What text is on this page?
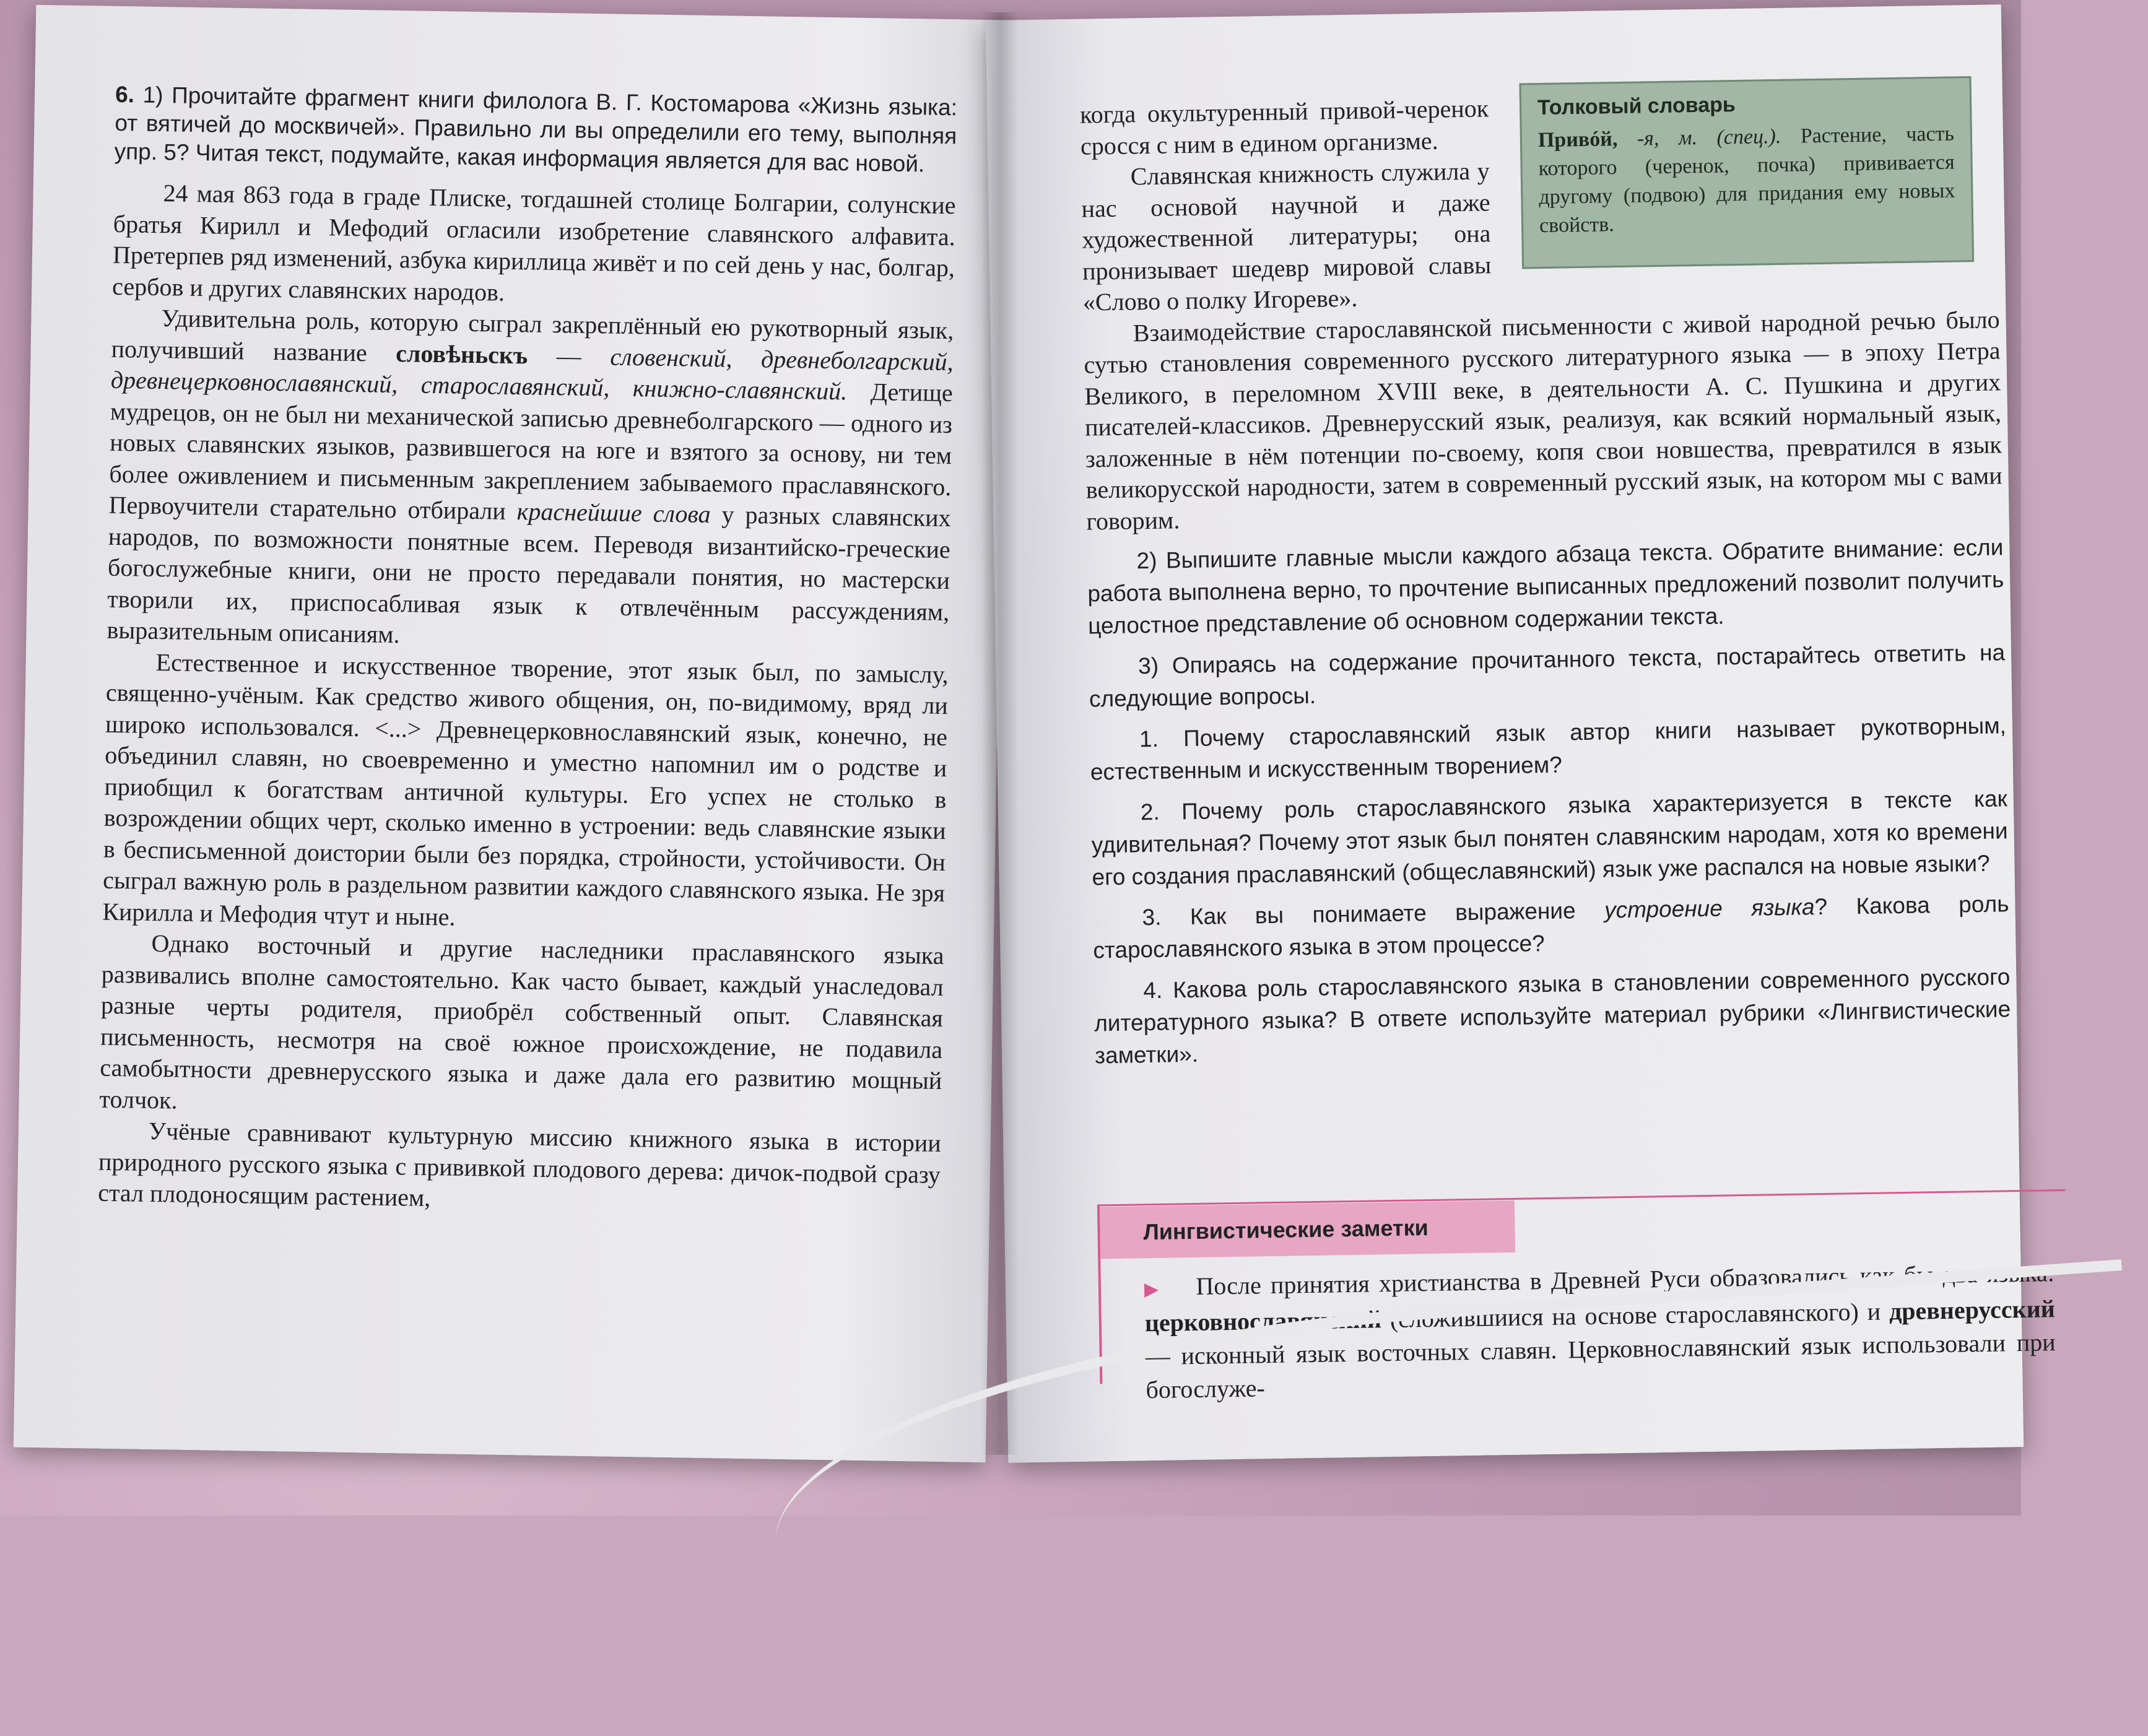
6. 1) Прочитайте фрагмент книги филолога В. Г. Костомарова «Жизнь языка: от вятичей до москвичей». Правильно ли вы определили его тему, выполняя упр. 5? Читая текст, подумайте, какая информация является для вас новой.

24 мая 863 года в граде Плиске, тогдашней столице Болгарии, солунские братья Кирилл и Мефодий огласили изобретение славянского алфавита. Претерпев ряд изменений, азбука кириллица живёт и по сей день у нас, болгар, сербов и других славянских народов.

Удивительна роль, которую сыграл закреплённый ею рукотворный язык, получивший название словѣньскъ — словенский, древнеболгарский, древнецерковнославянский, старославянский, книжно-славянский. Детище мудрецов, он не был ни механической записью древнеболгарского — одного из новых славянских языков, развившегося на юге и взятого за основу, ни тем более оживлением и письменным закреплением забываемого праславянского. Первоучители старательно отбирали краснейшие слова у разных славянских народов, по возможности понятные всем. Переводя византийско-греческие богослужебные книги, они не просто передавали понятия, но мастерски творили их, приспосабливая язык к отвлечённым рассуждениям, выразительным описаниям.

Естественное и искусственное творение, этот язык был, по замыслу, священно-учёным. Как средство живого общения, он, по-видимому, вряд ли широко использовался. <...> Древнецерковнославянский язык, конечно, не объединил славян, но своевременно и уместно напомнил им о родстве и приобщил к богатствам античной культуры. Его успех не столько в возрождении общих черт, сколько именно в устроении: ведь славянские языки в бесписьменной доистории были без порядка, стройности, устойчивости. Он сыграл важную роль в раздельном развитии каждого славянского языка. Не зря Кирилла и Мефодия чтут и ныне.

Однако восточный и другие наследники праславянского языка развивались вполне самостоятельно. Как часто бывает, каждый унаследовал разные черты родителя, приобрёл собственный опыт. Славянская письменность, несмотря на своё южное происхождение, не подавила самобытности древнерусского языка и даже дала его развитию мощный толчок.

Учёные сравнивают культурную миссию книжного языка в истории природного русского языка с прививкой плодового дерева: дичок-подвой сразу стал плодоносящим растением,

когда окультуренный привой-черенок сросся с ним в едином организме.

Славянская книжность служила у нас основой научной и даже художественной литературы; она пронизывает шедевр мировой славы «Слово о полку Игореве».

Взаимодействие старославянской письменности с живой народной речью было сутью становления современного русского литературного языка — в эпоху Петра Великого, в переломном XVIII веке, в деятельности А. С. Пушкина и других писателей-классиков. Древнерусский язык, реализуя, как всякий нормальный язык, заложенные в нём потенции по-своему, копя свои новшества, превратился в язык великорусской народности, затем в современный русский язык, на котором мы с вами говорим.

2) Выпишите главные мысли каждого абзаца текста. Обратите внимание: если работа выполнена верно, то прочтение выписанных предложений позволит получить целостное представление об основном содержании текста.

3) Опираясь на содержание прочитанного текста, постарайтесь ответить на следующие вопросы.

1. Почему старославянский язык автор книги называет рукотворным, естественным и искусственным творением?

2. Почему роль старославянского языка характеризуется в тексте как удивительная? Почему этот язык был понятен славянским народам, хотя ко времени его создания праславянский (общеславянский) язык уже распался на новые языки?

3. Как вы понимаете выражение устроение языка? Какова роль старославянского языка в этом процессе?

4. Какова роль старославянского языка в становлении современного русского литературного языка? В ответе используйте материал рубрики «Лингвистические заметки».

Толковый словарь
Привóй, -я, м. (спец.). Растение, часть которого (черенок, почка) прививается другому (подвою) для придания ему новых свойств.
Лингвистические заметки
▶ После принятия христианства в Древней Руси образовались как бы два языка: церковнославянский (сложившийся на основе старославянского) и древнерусский — исконный язык восточных славян. Церковнославянский язык использовали при богослуже-
